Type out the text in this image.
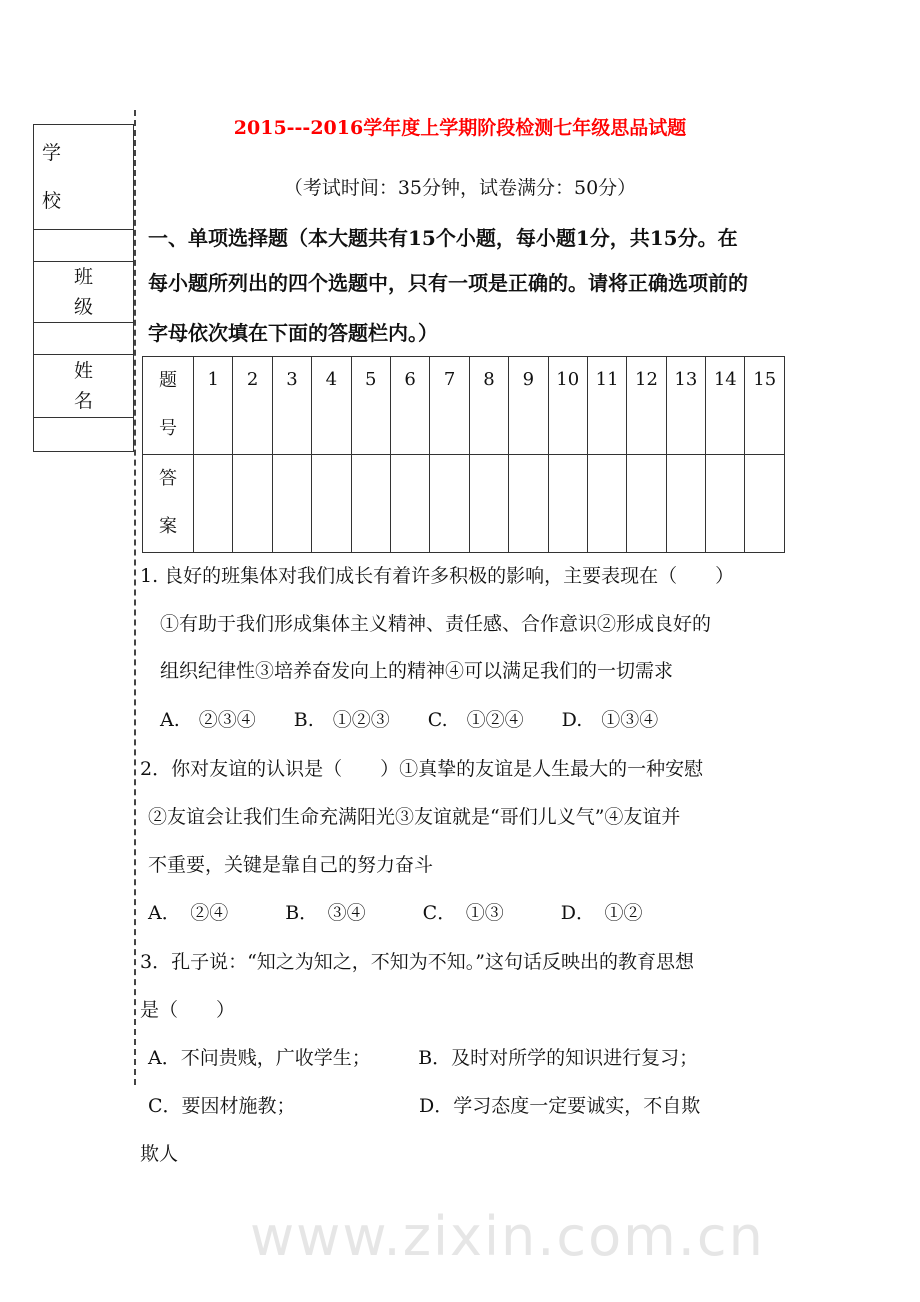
www.zixin.com.cn
学
校

班
级

姓
名

2015---2016学年度上学期阶段检测七年级思品试题
（考试时间：35分钟，试卷满分：50分）
一、单项选择题（本大题共有15个小题，每小题1分，共15分。在
每小题所列出的四个选题中，只有一项是正确的。请将正确选项前的
字母依次填在下面的答题栏内。）
题
号	1	2	3	4	5	6	7	8	9	10	11	12	13	14	15
答
案															
1. 良好的班集体对我们成长有着许多积极的影响，主要表现在（　　）
①有助于我们形成集体主义精神、责任感、合作意识②形成良好的
组织纪律性③培养奋发向上的精神④可以满足我们的一切需求
A.　②③④　　B.　①②③　　C.　①②④　　D.　①③④
2．你对友谊的认识是（　　）①真挚的友谊是人生最大的一种安慰
②友谊会让我们生命充满阳光③友谊就是“哥们儿义气”④友谊并
不重要，关键是靠自己的努力奋斗
A．　②④　　　B．　③④　　　C．　①③　　　D．　①②
3．孔子说：“知之为知之，不知为不知。”这句话反映出的教育思想
是（　　）
A．不问贵贱，广收学生；　　　B．及时对所学的知识进行复习；
C．要因材施教；　　　　　　　D．学习态度一定要诚实，不自欺
欺人
